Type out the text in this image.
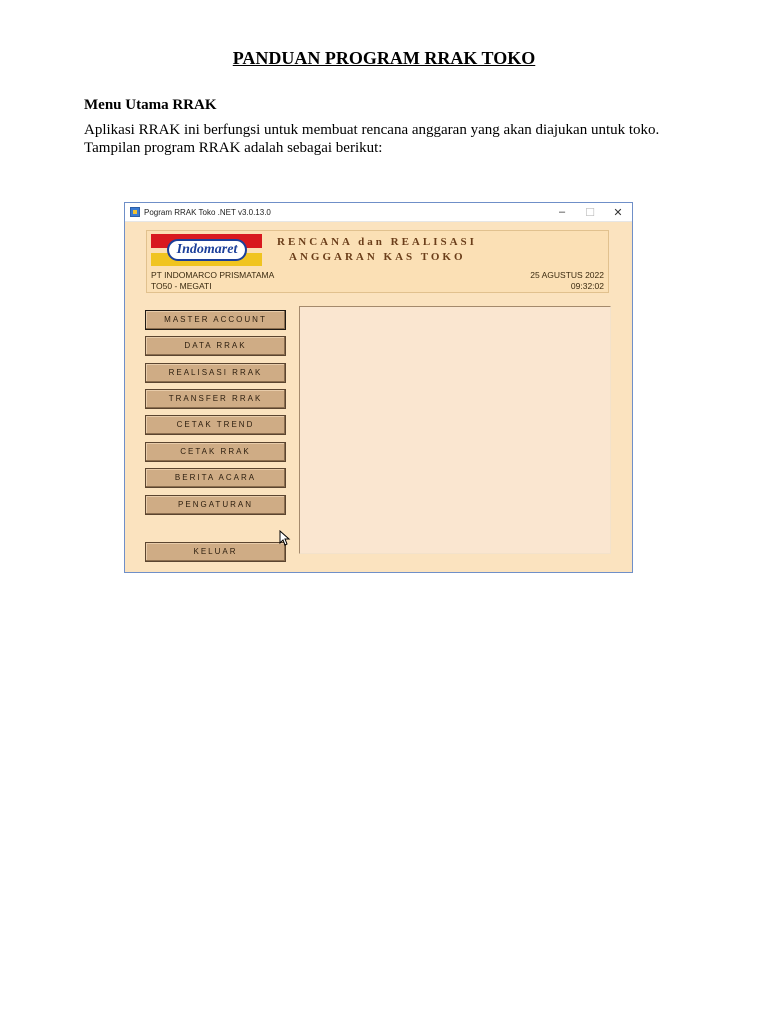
PANDUAN PROGRAM RRAK TOKO
Menu Utama RRAK
Aplikasi RRAK ini berfungsi untuk membuat rencana anggaran yang akan diajukan untuk toko.
Tampilan program RRAK adalah sebagai berikut:
Pogram RRAK Toko .NET v3.0.13.0	–	☐	✕
Indomaret	RENCANA dan REALISASI
ANGGARAN KAS TOKO
PT INDOMARCO PRISMATAMA
TO50 - MEGATI
25 AGUSTUS 2022
09:32:02
MASTER ACCOUNT
DATA RRAK
REALISASI RRAK
TRANSFER RRAK
CETAK TREND
CETAK RRAK
BERITA ACARA
PENGATURAN
KELUAR
